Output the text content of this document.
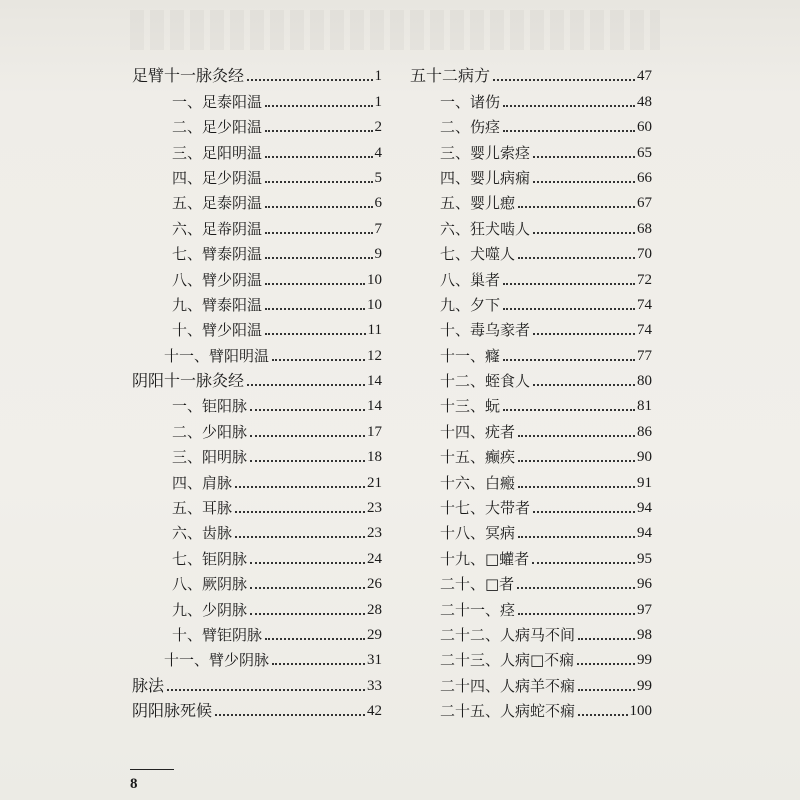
足臂十一脉灸经	1
一、足泰阳温	1
二、足少阳温	2
三、足阳明温	4
四、足少阴温	5
五、足泰阴温	6
六、足帣阴温	7
七、臂泰阴温	9
八、臂少阴温	10
九、臂泰阳温	10
十、臂少阳温	11
十一、臂阳明温	12
阴阳十一脉灸经	14
一、钜阳脉	14
二、少阳脉	17
三、阳明脉	18
四、肩脉	21
五、耳脉	23
六、齿脉	23
七、钜阴脉	24
八、厥阴脉	26
九、少阴脉	28
十、臂钜阴脉	29
十一、臂少阴脉	31
脉法	33
阴阳脉死候	42
五十二病方	47
一、诸伤	48
二、伤痉	60
三、婴儿索痉	65
四、婴儿病痫	66
五、婴儿瘛	67
六、狂犬啮人	68
七、犬噬人	70
八、巢者	72
九、夕下	74
十、毒乌豙者	74
十一、癃	77
十二、蛭食人	80
十三、蚖	81
十四、疣者	86
十五、癫疾	90
十六、白瘢	91
十七、大带者	94
十八、冥病	94
十九、□蠸者	95
二十、□者	96
二十一、痉	97
二十二、人病马不间	98
二十三、人病□不痫	99
二十四、人病羊不痫	99
二十五、人病蛇不痫	100
8
